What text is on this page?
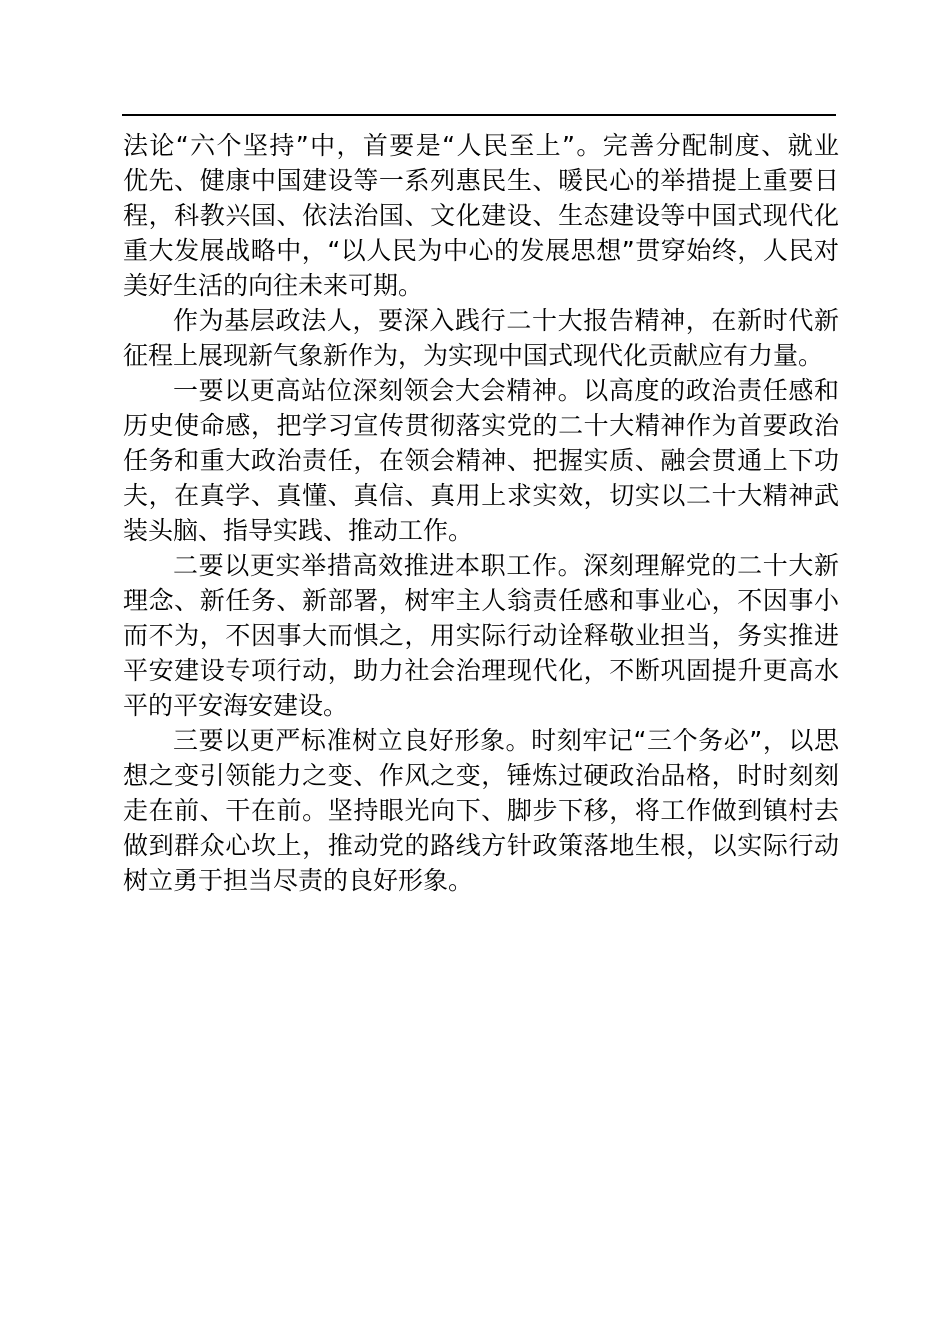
法论“六个坚持”中，首要是“人民至上”。完善分配制度、就业
优先、健康中国建设等一系列惠民生、暖民心的举措提上重要日
程，科教兴国、依法治国、文化建设、生态建设等中国式现代化
重大发展战略中，“以人民为中心的发展思想”贯穿始终，人民对
美好生活的向往未来可期。
作为基层政法人，要深入践行二十大报告精神，在新时代新
征程上展现新气象新作为，为实现中国式现代化贡献应有力量。
一要以更高站位深刻领会大会精神。以高度的政治责任感和
历史使命感，把学习宣传贯彻落实党的二十大精神作为首要政治
任务和重大政治责任，在领会精神、把握实质、融会贯通上下功
夫，在真学、真懂、真信、真用上求实效，切实以二十大精神武
装头脑、指导实践、推动工作。
二要以更实举措高效推进本职工作。深刻理解党的二十大新
理念、新任务、新部署，树牢主人翁责任感和事业心，不因事小
而不为，不因事大而惧之，用实际行动诠释敬业担当，务实推进
平安建设专项行动，助力社会治理现代化，不断巩固提升更高水
平的平安海安建设。
三要以更严标准树立良好形象。时刻牢记“三个务必”，以思
想之变引领能力之变、作风之变，锤炼过硬政治品格，时时刻刻
走在前、干在前。坚持眼光向下、脚步下移，将工作做到镇村去
做到群众心坎上，推动党的路线方针政策落地生根，以实际行动
树立勇于担当尽责的良好形象。
